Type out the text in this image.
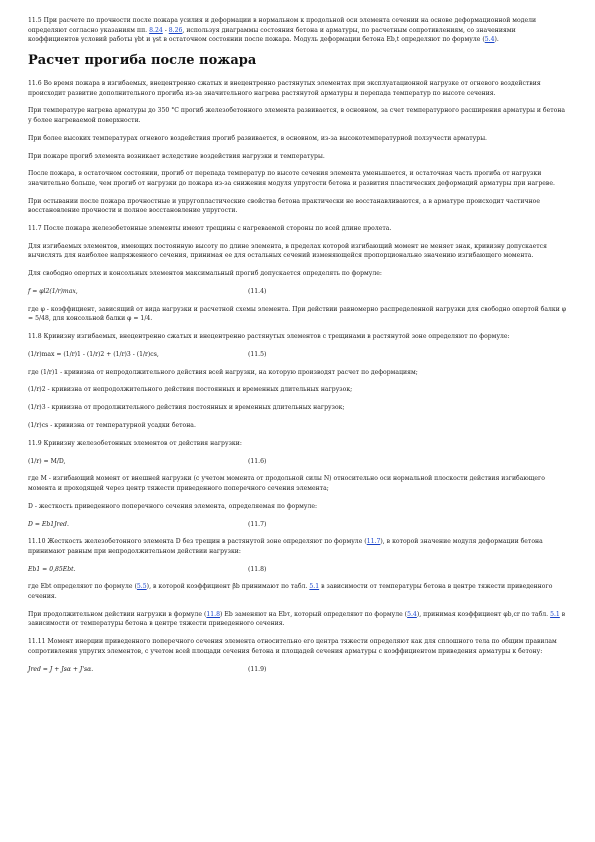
11.5 При расчете по прочности после пожара усилия и деформации в нормальном к продольной оси элемента сечении на основе деформационной модели определяют согласно указаниям пп. 8.24 - 8.26, используя диаграммы состояния бетона и арматуры, по расчетным сопротивлениям, со значениями коэффициентов условий работы γbt и γst в остаточном состоянии после пожара. Модуль деформации бетона Eb,t определяют по формуле (5.4).

Расчет прогиба после пожара

11.6 Во время пожара в изгибаемых, внецентренно сжатых и внецентренно растянутых элементах при эксплуатационной нагрузке от огневого воздействия происходит развитие дополнительного прогиба из-за значительного нагрева растянутой арматуры и перепада температур по высоте сечения.

При температуре нагрева арматуры до 350 °С прогиб железобетонного элемента развивается, в основном, за счет температурного расширения арматуры и бетона у более нагреваемой поверхности.

При более высоких температурах огневого воздействия прогиб развивается, в основном, из-за высокотемпературной ползучести арматуры.

При пожаре прогиб элемента возникает вследствие воздействия нагрузки и температуры.

После пожара, в остаточном состоянии, прогиб от перепада температур по высоте сечения элемента уменьшается, и остаточная часть прогиба от нагрузки значительно больше, чем прогиб от нагрузки до пожара из-за снижения модуля упругости бетона и развития пластических деформаций арматуры при нагреве.

При остывании после пожара прочностные и упругопластические свойства бетона практически не восстанавливаются, а в арматуре происходит частичное восстановление прочности и полное восстановление упругости.

11.7 После пожара железобетонные элементы имеют трещины с нагреваемой стороны по всей длине пролета.

Для изгибаемых элементов, имеющих постоянную высоту по длине элемента, в пределах которой изгибающий момент не меняет знак, кривизну допускается вычислять для наиболее напряженного сечения, принимая ее для остальных сечений изменяющейся пропорционально значению изгибающего момента.

Для свободно опертых и консольных элементов максимальный прогиб допускается определять по формуле:

f = φl2(1/r)max,	(11.4)

где φ - коэффициент, зависящий от вида нагрузки и расчетной схемы элемента. При действии равномерно распределенной нагрузки для свободно опертой балки φ = 5/48, для консольной балки φ = 1/4.

11.8 Кривизну изгибаемых, внецентренно сжатых и внецентренно растянутых элементов с трещинами в растянутой зоне определяют по формуле:

(1/r)max = (1/r)1 - (1/r)2 + (1/r)3 - (1/r)cs,	(11.5)

где (1/r)1 - кривизна от непродолжительного действия всей нагрузки, на которую производят расчет по деформациям;

(1/r)2 - кривизна от непродолжительного действия постоянных и временных длительных нагрузок;

(1/r)3 - кривизна от продолжительного действия постоянных и временных длительных нагрузок;

(1/r)cs - кривизна от температурной усадки бетона.

11.9 Кривизну железобетонных элементов от действия нагрузки:

(1/r) = M/D,	(11.6)

где M - изгибающий момент от внешней нагрузки (с учетом момента от продольной силы N) относительно оси нормальной плоскости действия изгибающего момента и проходящей через центр тяжести приведенного поперечного сечения элемента;

D - жесткость приведенного поперечного сечения элемента, определяемая по формуле:

D = Eb1Jred.	(11.7)

11.10 Жесткость железобетонного элемента D без трещин в растянутой зоне определяют по формуле (11.7), в которой значение модуля деформации бетона принимают равным при непродолжительном действии нагрузки:

Eb1 = 0,85Ebt.	(11.8)

где Ebt определяют по формуле (5.5), в которой коэффициент βb принимают по табл. 5.1 в зависимости от температуры бетона в центре тяжести приведенного сечения.

При продолжительном действии нагрузки в формуле (11.8) Eb заменяют на Ebτ, который определяют по формуле (5.4), принимая коэффициент φb,cr по табл. 5.1 в зависимости от температуры бетона в центре тяжести приведенного сечения.

11.11 Момент инерции приведенного поперечного сечения элемента относительно его центра тяжести определяют как для сплошного тела по общим правилам сопротивления упругих элементов, с учетом всей площади сечения бетона и площадей сечения арматуры с коэффициентом приведения арматуры к бетону:

Jred = J + Jsα + J'sα.	(11.9)
